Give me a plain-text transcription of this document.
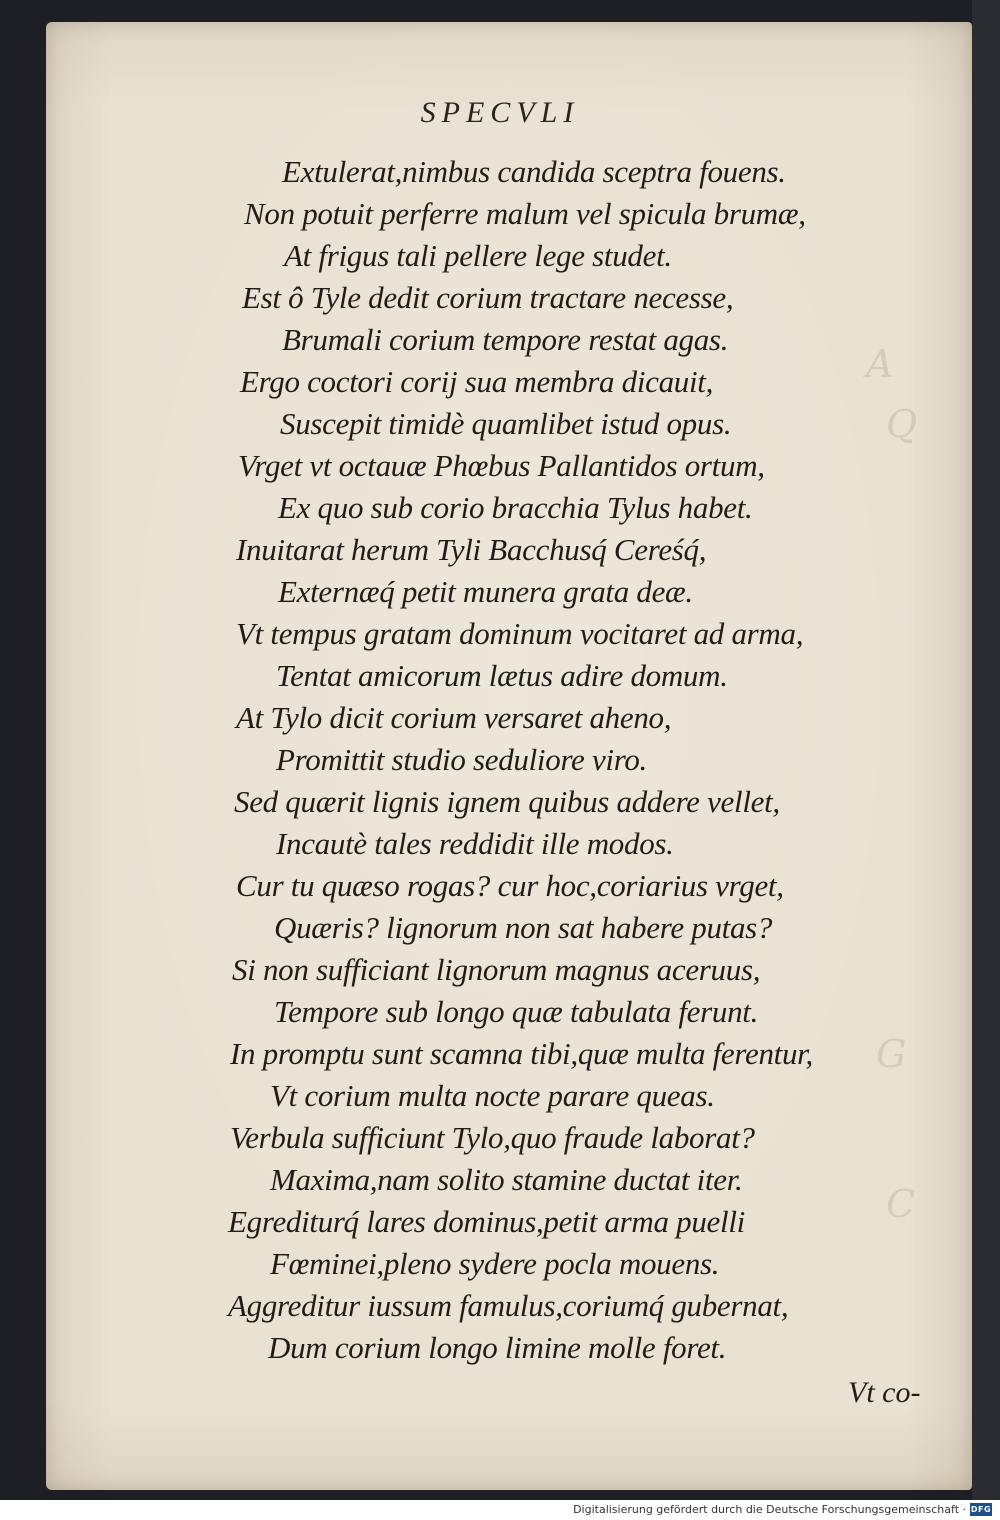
A
Q
G
C
SPECVLI
Extulerat,nimbus candida sceptra fouens.
Non potuit perferre malum vel spicula brumæ,
At frigus tali pellere lege studet.
Est ô Tyle dedit corium tractare necesse,
Brumali corium tempore restat agas.
Ergo coctori corij sua membra dicauit,
Suscepit timidè quamlibet istud opus.
Vrget vt octauæ Phœbus Pallantidos ortum,
Ex quo sub corio bracchia Tylus habet.
Inuitarat herum Tyli Bacchusq́ Cereśq́,
Externæq́ petit munera grata deæ.
Vt tempus gratam dominum vocitaret ad arma,
Tentat amicorum lætus adire domum.
At Tylo dicit corium versaret aheno,
Promittit studio seduliore viro.
Sed quærit lignis ignem quibus addere vellet,
Incautè tales reddidit ille modos.
Cur tu quæso rogas? cur hoc,coriarius vrget,
Quæris? lignorum non sat habere putas?
Si non sufficiant lignorum magnus aceruus,
Tempore sub longo quæ tabulata ferunt.
In promptu sunt scamna tibi,quæ multa ferentur,
Vt corium multa nocte parare queas.
Verbula sufficiunt Tylo,quo fraude laborat?
Maxima,nam solito stamine ductat iter.
Egrediturq́ lares dominus,petit arma puelli
Fœminei,pleno sydere pocla mouens.
Aggreditur iussum famulus,coriumq́ gubernat,
Dum corium longo limine molle foret.
Vt co-
Digitalisierung gefördert durch die Deutsche Forschungsgemeinschaft · DFG
